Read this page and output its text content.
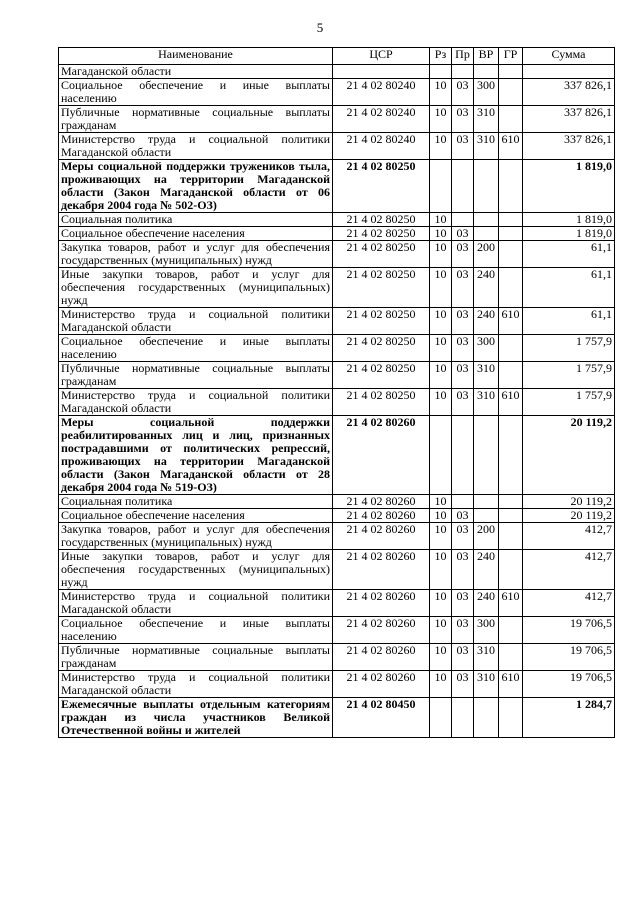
5
Наименование	ЦСР	Рз	Пр	ВР	ГР	Сумма
Магаданской области						
Социальное обеспечение и иные выплаты населению	21 4 02 80240	10	03	300		337 826,1
Публичные нормативные социальные выплаты гражданам	21 4 02 80240	10	03	310		337 826,1
Министерство труда и социальной политики Магаданской области	21 4 02 80240	10	03	310	610	337 826,1
Меры социальной поддержки тружеников тыла, проживающих на территории Магаданской области (Закон Магаданской области от 06 декабря 2004 года № 502-ОЗ)	21 4 02 80250					1 819,0
Социальная политика	21 4 02 80250	10				1 819,0
Социальное обеспечение населения	21 4 02 80250	10	03			1 819,0
Закупка товаров, работ и услуг для обеспечения государственных (муниципальных) нужд	21 4 02 80250	10	03	200		61,1
Иные закупки товаров, работ и услуг для обеспечения государственных (муниципальных) нужд	21 4 02 80250	10	03	240		61,1
Министерство труда и социальной политики Магаданской области	21 4 02 80250	10	03	240	610	61,1
Социальное обеспечение и иные выплаты населению	21 4 02 80250	10	03	300		1 757,9
Публичные нормативные социальные выплаты гражданам	21 4 02 80250	10	03	310		1 757,9
Министерство труда и социальной политики Магаданской области	21 4 02 80250	10	03	310	610	1 757,9
Меры социальной поддержки реабилитированных лиц и лиц, признанных пострадавшими от политических репрессий, проживающих на территории Магаданской области (Закон Магаданской области от 28 декабря 2004 года № 519-ОЗ)	21 4 02 80260					20 119,2
Социальная политика	21 4 02 80260	10				20 119,2
Социальное обеспечение населения	21 4 02 80260	10	03			20 119,2
Закупка товаров, работ и услуг для обеспечения государственных (муниципальных) нужд	21 4 02 80260	10	03	200		412,7
Иные закупки товаров, работ и услуг для обеспечения государственных (муниципальных) нужд	21 4 02 80260	10	03	240		412,7
Министерство труда и социальной политики Магаданской области	21 4 02 80260	10	03	240	610	412,7
Социальное обеспечение и иные выплаты населению	21 4 02 80260	10	03	300		19 706,5
Публичные нормативные социальные выплаты гражданам	21 4 02 80260	10	03	310		19 706,5
Министерство труда и социальной политики Магаданской области	21 4 02 80260	10	03	310	610	19 706,5
Ежемесячные выплаты отдельным категориям граждан из числа участников Великой Отечественной войны и жителей	21 4 02 80450					1 284,7
